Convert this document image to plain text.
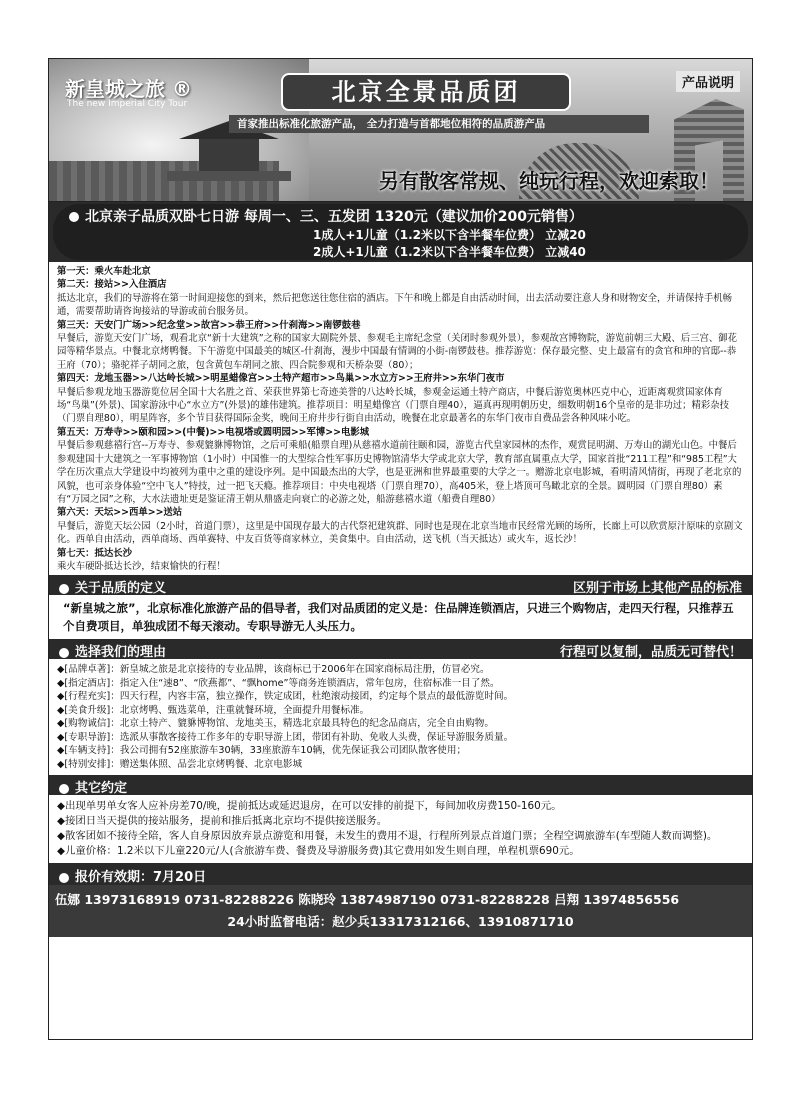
新皇城之旅 ®
The new Imperial City Tour	北京全景品质团	产品说明
首家推出标准化旅游产品， 全力打造与首都地位相符的品质游产品
另有散客常规、纯玩行程，欢迎索取！
北京亲子品质双卧七日游 每周一、三、五发团 1320元（建议加价200元销售）
1成人+1儿童（1.2米以下含半餐车位费） 立减20
2成人+1儿童（1.2米以下含半餐车位费） 立减40

第一天：乘火车赴北京

第二天：接站>>入住酒店

抵达北京，我们的导游将在第一时间迎接您的到来，然后把您送往您住宿的酒店。下午和晚上都是自由活动时间，出去活动要注意人身和财物安全，并请保持手机畅通，需要帮助请咨询接站的导游或前台服务员。

第三天：天安门广场>>纪念堂>>故宫>>恭王府>>什刹海>>南锣鼓巷

早餐后，游览天安门广场，观看北京“新十大建筑”之称的国家大剧院外景、参观毛主席纪念堂（关闭时参观外景），参观故宫博物院，游览前朝三大殿、后三宫、御花园等精华景点。中餐北京烤鸭餐。下午游览中国最美的城区-什刹海，漫步中国最有情调的小街-南锣鼓巷。推荐游览：保存最完整、史上最富有的贪官和珅的官邸--恭王府（70）；骆驼祥子胡同之旅，包含黄包车胡同之旅、四合院参观和天桥杂耍（80）；

第四天：龙地玉器>>八达岭长城>>明星蜡像宫>>土特产超市>>鸟巢>>水立方>>王府井>>东华门夜市

早餐后参观龙地玉器游览位居全国十大名胜之首、荣获世界第七奇迹美誉的八达岭长城，参观金运通土特产商店，中餐后游览奥林匹克中心，近距离观赏国家体育场“鸟巢”(外景)、国家游泳中心“水立方”(外景)的雄伟建筑。推荐项目：明星蜡像宫（门票自理40），逼真再现明朝历史，细数明朝16个皇帝的是非功过；精彩杂技（门票自理80），明星阵容，多个节目获得国际金奖，晚间王府井步行街自由活动，晚餐在北京最著名的东华门夜市自费品尝各种风味小吃。

第五天：万寿寺>>颐和园>>(中餐)>>电视塔或圆明园>>军博>>电影城

早餐后参观慈禧行宫--万寿寺、参观貔貅博物馆，之后可乘船(船票自理)从慈禧水道前往颐和园，游览古代皇家园林的杰作，观赏昆明湖、万寿山的湖光山色。中餐后参观建国十大建筑之一军事博物馆（1小时）中国惟一的大型综合性军事历史博物馆清华大学或北京大学，教育部直属重点大学，国家首批“211工程”和“985工程”大学在历次重点大学建设中均被列为重中之重的建设序列。是中国最杰出的大学，也是亚洲和世界最重要的大学之一。赠游北京电影城，看明清风情街，再现了老北京的风貌，也可亲身体验“空中飞人”特技，过一把飞天瘾。推荐项目：中央电视塔（门票自理70），高405米，登上塔顶可鸟瞰北京的全景。圆明园（门票自理80）素有“万园之园”之称，大水法遗址更是鉴证清王朝从鼎盛走向衰亡的必游之处，船游慈禧水道（船费自理80）

第六天：天坛>>西单>>送站

早餐后，游览天坛公园（2小时，首道门票），这里是中国现存最大的古代祭祀建筑群、同时也是现在北京当地市民经常光顾的场所，长廊上可以欣赏原汁原味的京剧文化。西单自由活动，西单商场、西单赛特、中友百货等商家林立，美食集中。自由活动，送飞机（当天抵达）或火车，返长沙！

第七天：抵达长沙

乘火车硬卧抵达长沙，结束愉快的行程！

关于品质的定义	区别于市场上其他产品的标准
“新皇城之旅”，北京标准化旅游产品的倡导者，我们对品质团的定义是：住品牌连锁酒店，只进三个购物店，走四天行程，只推荐五个自费项目，单独成团不每天滚动。专职导游无人头压力。
选择我们的理由	行程可以复制，品质无可替代！
◆[品牌卓著]：新皇城之旅是北京接待的专业品牌，该商标已于2006年在国家商标局注册，仿冒必究。
◆[指定酒店]：指定入住“速8”、“欣燕都”、“飘home”等商务连锁酒店，常年包房，住宿标准一目了然。
◆[行程充实]：四天行程，内容丰富，独立操作，铁定成团，杜绝滚动接团，约定每个景点的最低游览时间。
◆[美食升级]：北京烤鸭、甄选菜单，注重就餐环境，全面提升用餐标准。
◆[购物诚信]：北京土特产、貔貅博物馆、龙地美玉，精选北京最具特色的纪念品商店，完全自由购物。
◆[专职导游]：选派从事散客接待工作多年的专职导游上团，带团有补助、免收人头费，保证导游服务质量。
◆[车辆支持]：我公司拥有52座旅游车30辆，33座旅游车10辆，优先保证我公司团队散客使用；
◆[特别安排]：赠送集体照、品尝北京烤鸭餐、北京电影城
其它约定
◆出现单男单女客人应补房差70/晚，提前抵达或延迟退房，在可以安排的前提下，每间加收房费150-160元。
◆接团日当天提供的接站服务，提前和推后抵离北京均不提供接送服务。
◆散客团如不接待全陪，客人自身原因放弃景点游览和用餐，未发生的费用不退，行程所列景点首道门票；全程空调旅游车(车型随人数而调整)。
◆儿童价格：1.2米以下儿童220元/人(含旅游车费、餐费及导游服务费)其它费用如发生则自理，单程机票690元。
报价有效期：7月20日
伍娜 13973168919 0731-82288226 陈晓玲 13874987190 0731-82288228 吕翔 13974856556
24小时监督电话：赵少兵13317312166、13910871710
